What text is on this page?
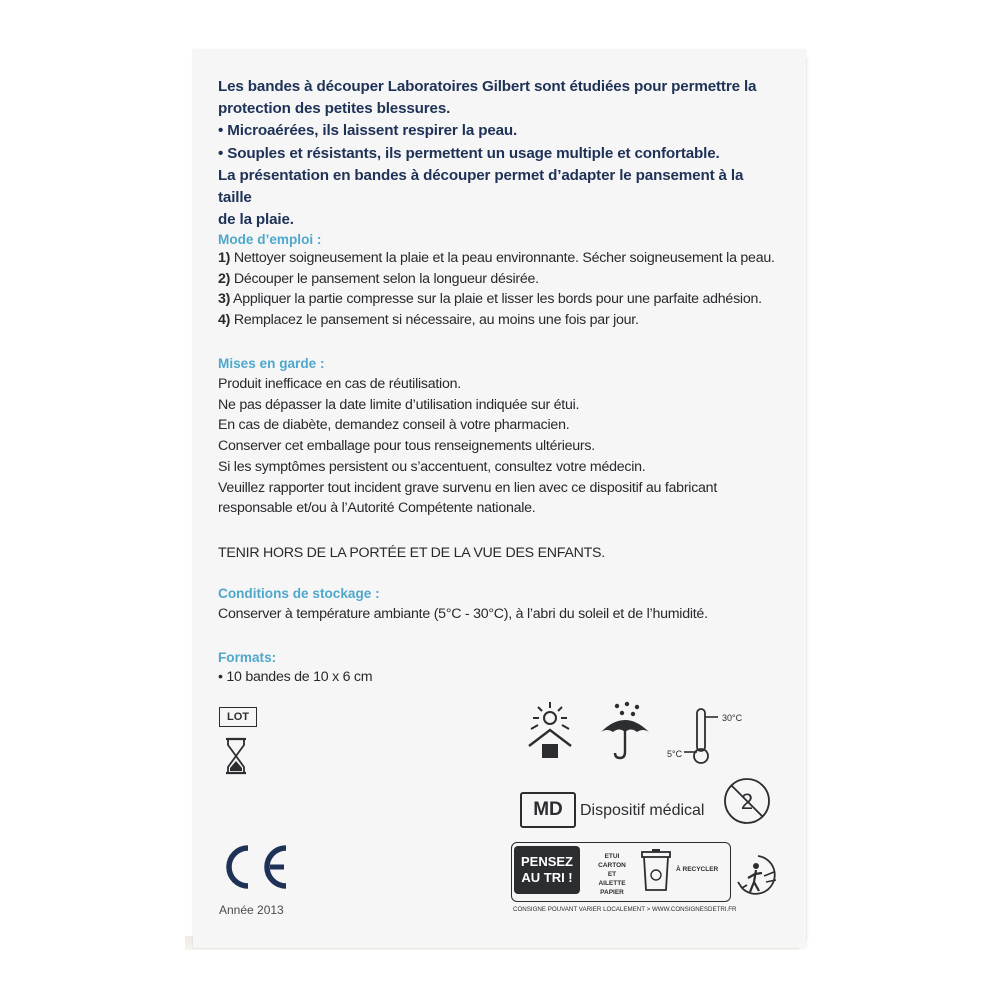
Les bandes à découper Laboratoires Gilbert sont étudiées pour permettre la

protection des petites blessures.

• Microaérées, ils laissent respirer la peau.

• Souples et résistants, ils permettent un usage multiple et confortable.

La présentation en bandes à découper permet d’adapter le pansement à la taille

de la plaie.

Mode d’emploi :

1) Nettoyer soigneusement la plaie et la peau environnante. Sécher soigneusement la peau.

2) Découper le pansement selon la longueur désirée.

3) Appliquer la partie compresse sur la plaie et lisser les bords pour une parfaite adhésion.

4) Remplacez le pansement si nécessaire, au moins une fois par jour.

Mises en garde :

Produit inefficace en cas de réutilisation.

Ne pas dépasser la date limite d’utilisation indiquée sur étui.

En cas de diabète, demandez conseil à votre pharmacien.

Conserver cet emballage pour tous renseignements ultérieurs.

Si les symptômes persistent ou s’accentuent, consultez votre médecin.

Veuillez rapporter tout incident grave survenu en lien avec ce dispositif au fabricant

responsable et/ou à l’Autorité Compétente nationale.

TENIR HORS DE LA PORTÉE ET DE LA VUE DES ENFANTS.

Conditions de stockage :

Conserver à température ambiante (5°C - 30°C), à l’abri du soleil et de l’humidité.

Formats:

• 10 bandes de 10 x 6 cm

LOT
Année 2013
30°C
5°C
2
MD	Dispositif médical
PENSEZ
AU TRI !
ETUI
CARTON
ET
AILETTE
PAPIER
À RECYCLER
CONSIGNE POUVANT VARIER LOCALEMENT > WWW.CONSIGNESDETRI.FR
